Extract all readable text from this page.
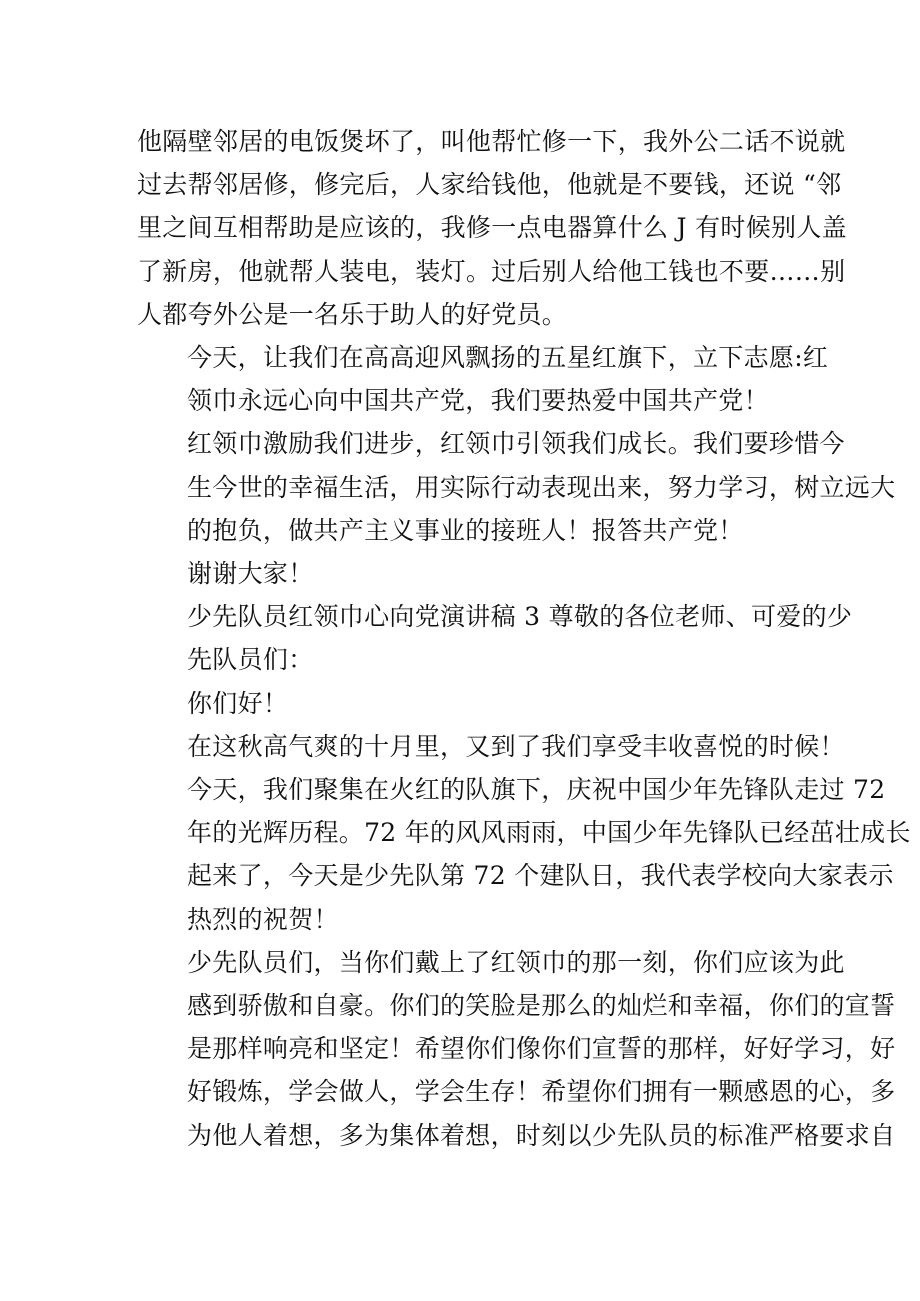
他隔壁邻居的电饭煲坏了，叫他帮忙修一下，我外公二话不说就
过去帮邻居修，修完后，人家给钱他，他就是不要钱，还说 “邻
里之间互相帮助是应该的，我修一点电器算什么 J 有时候别人盖
了新房，他就帮人装电，装灯。过后别人给他工钱也不要……别
人都夸外公是一名乐于助人的好党员。

今天，让我们在高高迎风飘扬的五星红旗下，立下志愿:红
领巾永远心向中国共产党，我们要热爱中国共产党！

红领巾激励我们进步，红领巾引领我们成长。我们要珍惜今
生今世的幸福生活，用实际行动表现出来，努力学习，树立远大
的抱负，做共产主义事业的接班人！报答共产党！

谢谢大家！

少先队员红领巾心向党演讲稿 3 尊敬的各位老师、可爱的少
先队员们：

你们好！

在这秋高气爽的十月里，又到了我们享受丰收喜悦的时候！
今天，我们聚集在火红的队旗下，庆祝中国少年先锋队走过 72
年的光辉历程。72 年的风风雨雨，中国少年先锋队已经茁壮成长
起来了，今天是少先队第 72 个建队日，我代表学校向大家表示
热烈的祝贺！

少先队员们，当你们戴上了红领巾的那一刻，你们应该为此
感到骄傲和自豪。你们的笑脸是那么的灿烂和幸福，你们的宣誓
是那样响亮和坚定！希望你们像你们宣誓的那样，好好学习，好
好锻炼，学会做人，学会生存！希望你们拥有一颗感恩的心，多
为他人着想，多为集体着想，时刻以少先队员的标准严格要求自
